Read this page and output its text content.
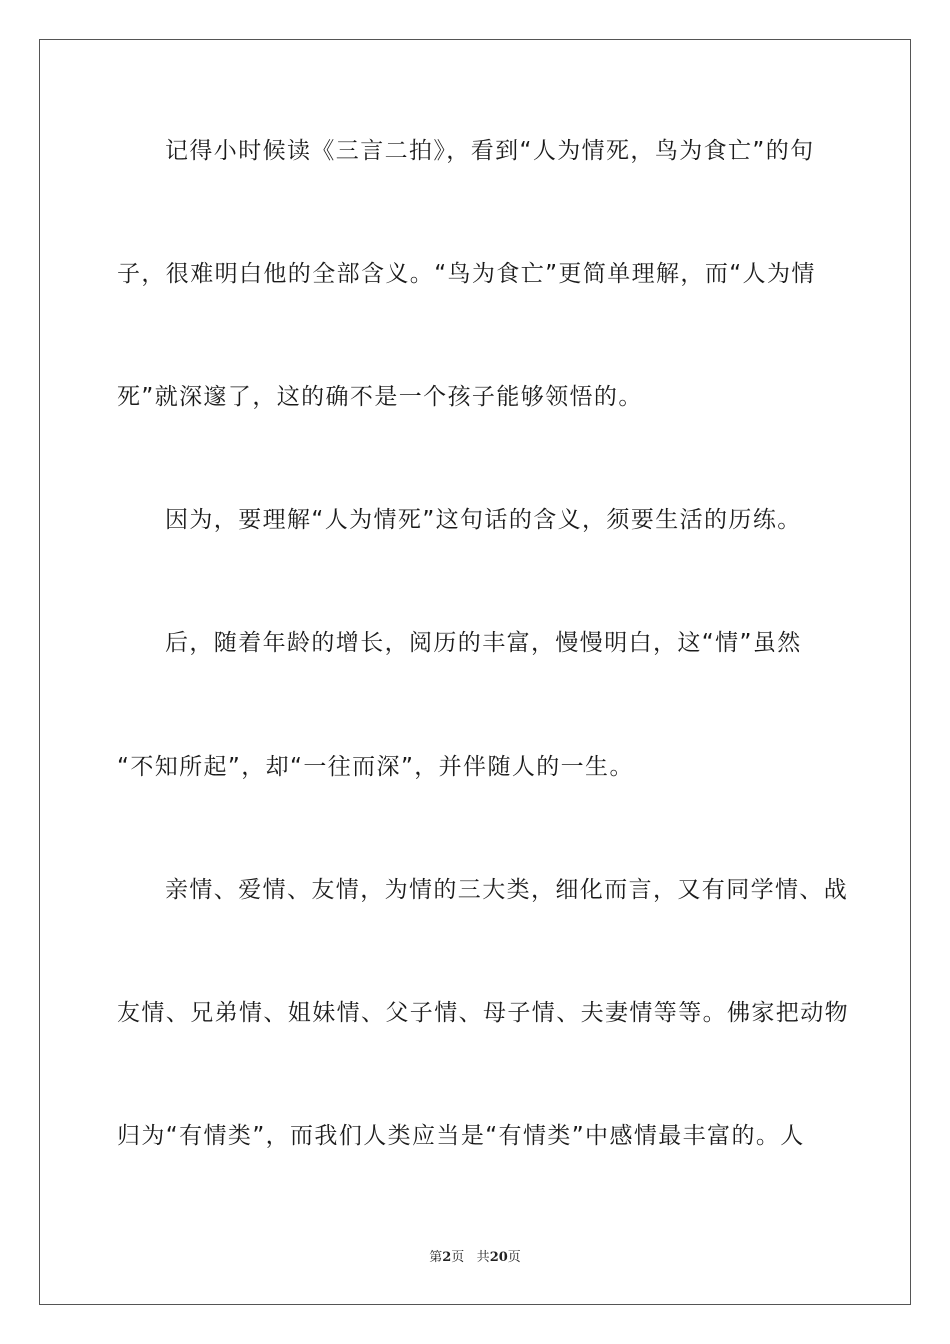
记得小时候读《三言二拍》，看到“人为情死，鸟为食亡”的句
子，很难明白他的全部含义。“鸟为食亡”更简单理解，而“人为情
死”就深邃了，这的确不是一个孩子能够领悟的。
因为，要理解“人为情死”这句话的含义，须要生活的历练。
后，随着年龄的增长，阅历的丰富，慢慢明白，这“情”虽然
“不知所起”，却“一往而深”，并伴随人的一生。
亲情、爱情、友情，为情的三大类，细化而言，又有同学情、战
友情、兄弟情、姐妹情、父子情、母子情、夫妻情等等。佛家把动物
归为“有情类”，而我们人类应当是“有情类”中感情最丰富的。人
第2页 共20页
